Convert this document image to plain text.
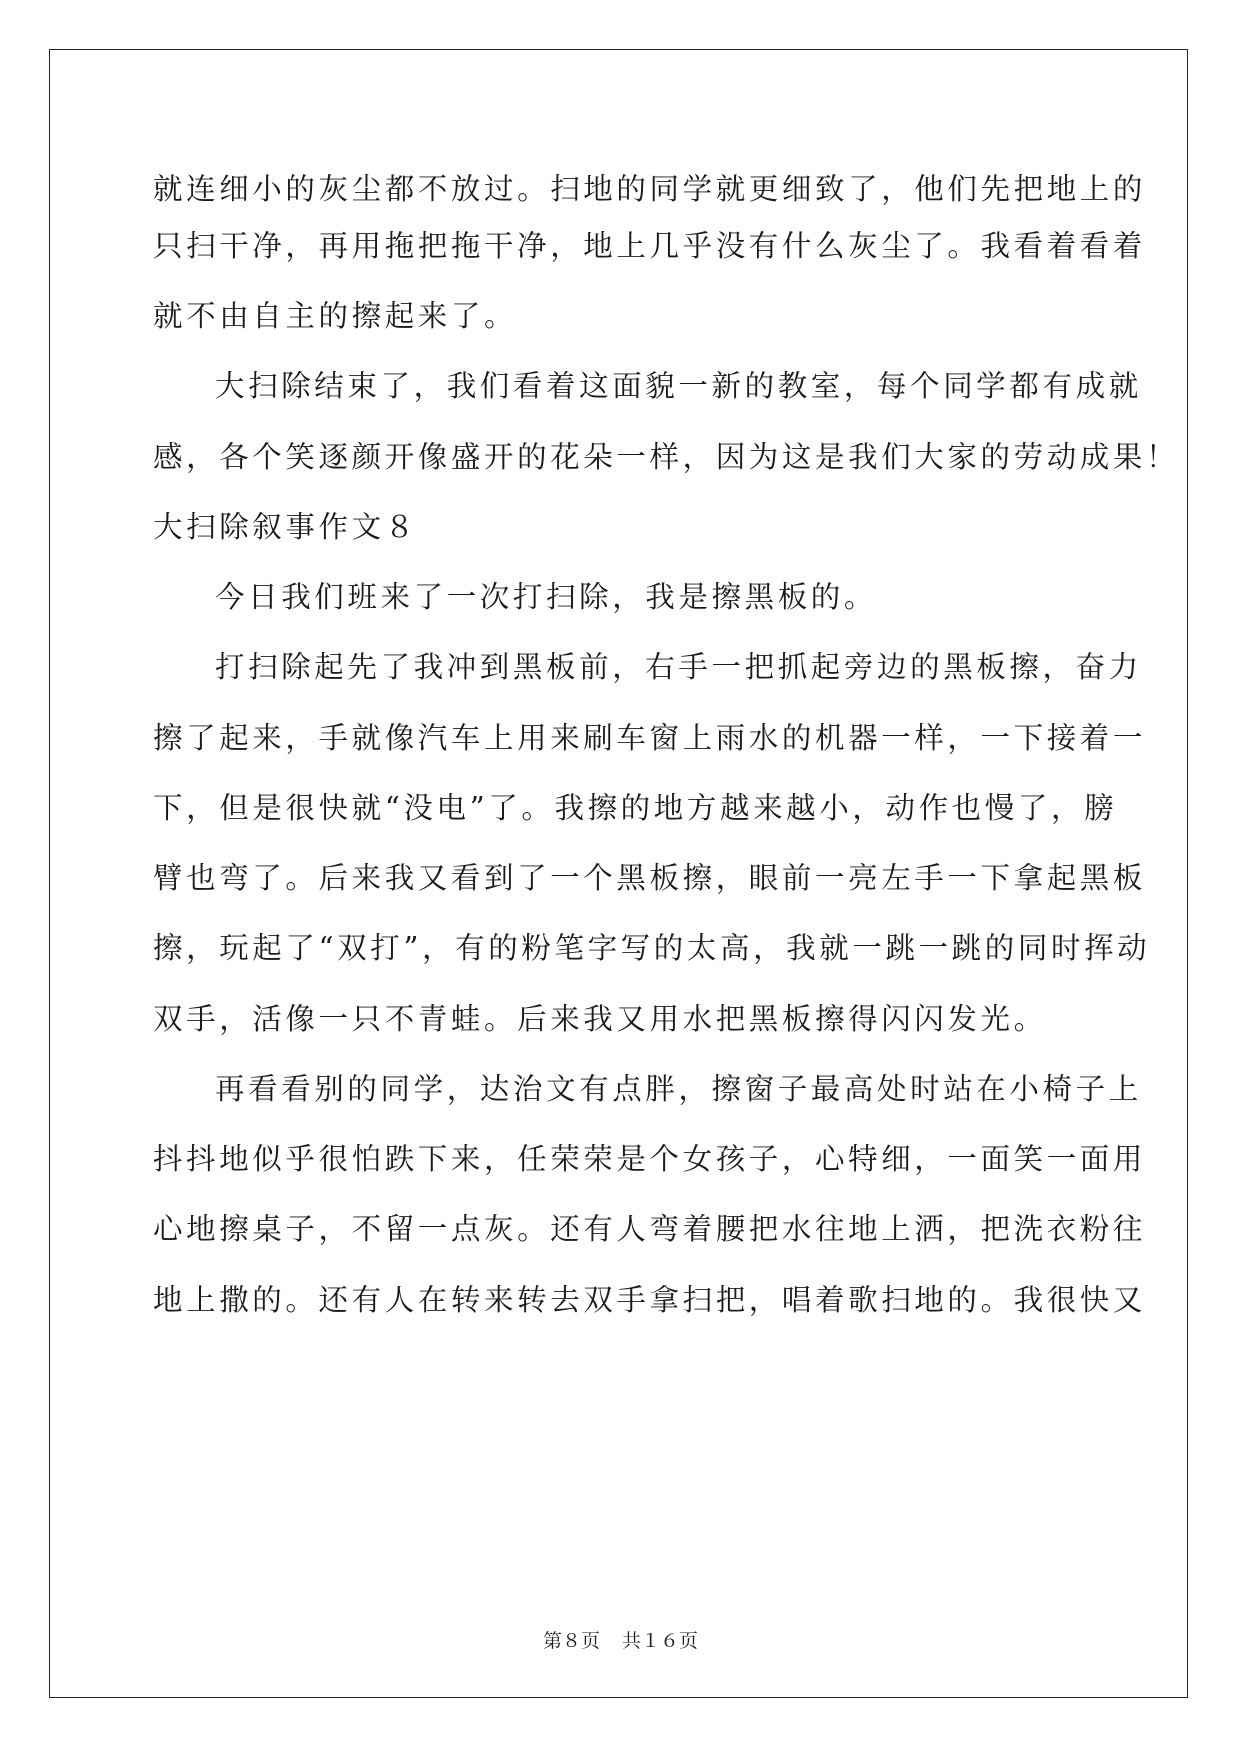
就连细小的灰尘都不放过。扫地的同学就更细致了，他们先把地上的

只扫干净，再用拖把拖干净，地上几乎没有什么灰尘了。我看着看着

就不由自主的擦起来了。

大扫除结束了，我们看着这面貌一新的教室，每个同学都有成就

感，各个笑逐颜开像盛开的花朵一样，因为这是我们大家的劳动成果！

大扫除叙事作文８

今日我们班来了一次打扫除，我是擦黑板的。

打扫除起先了我冲到黑板前，右手一把抓起旁边的黑板擦，奋力

擦了起来，手就像汽车上用来刷车窗上雨水的机器一样，一下接着一

下，但是很快就“没电”了。我擦的地方越来越小，动作也慢了，膀

臂也弯了。后来我又看到了一个黑板擦，眼前一亮左手一下拿起黑板

擦，玩起了“双打”，有的粉笔字写的太高，我就一跳一跳的同时挥动

双手，活像一只不青蛙。后来我又用水把黑板擦得闪闪发光。

再看看别的同学，达治文有点胖，擦窗子最高处时站在小椅子上

抖抖地似乎很怕跌下来，任荣荣是个女孩子，心特细，一面笑一面用

心地擦桌子，不留一点灰。还有人弯着腰把水往地上洒，把洗衣粉往

地上撒的。还有人在转来转去双手拿扫把，唱着歌扫地的。我很快又

第８页 共１６页
